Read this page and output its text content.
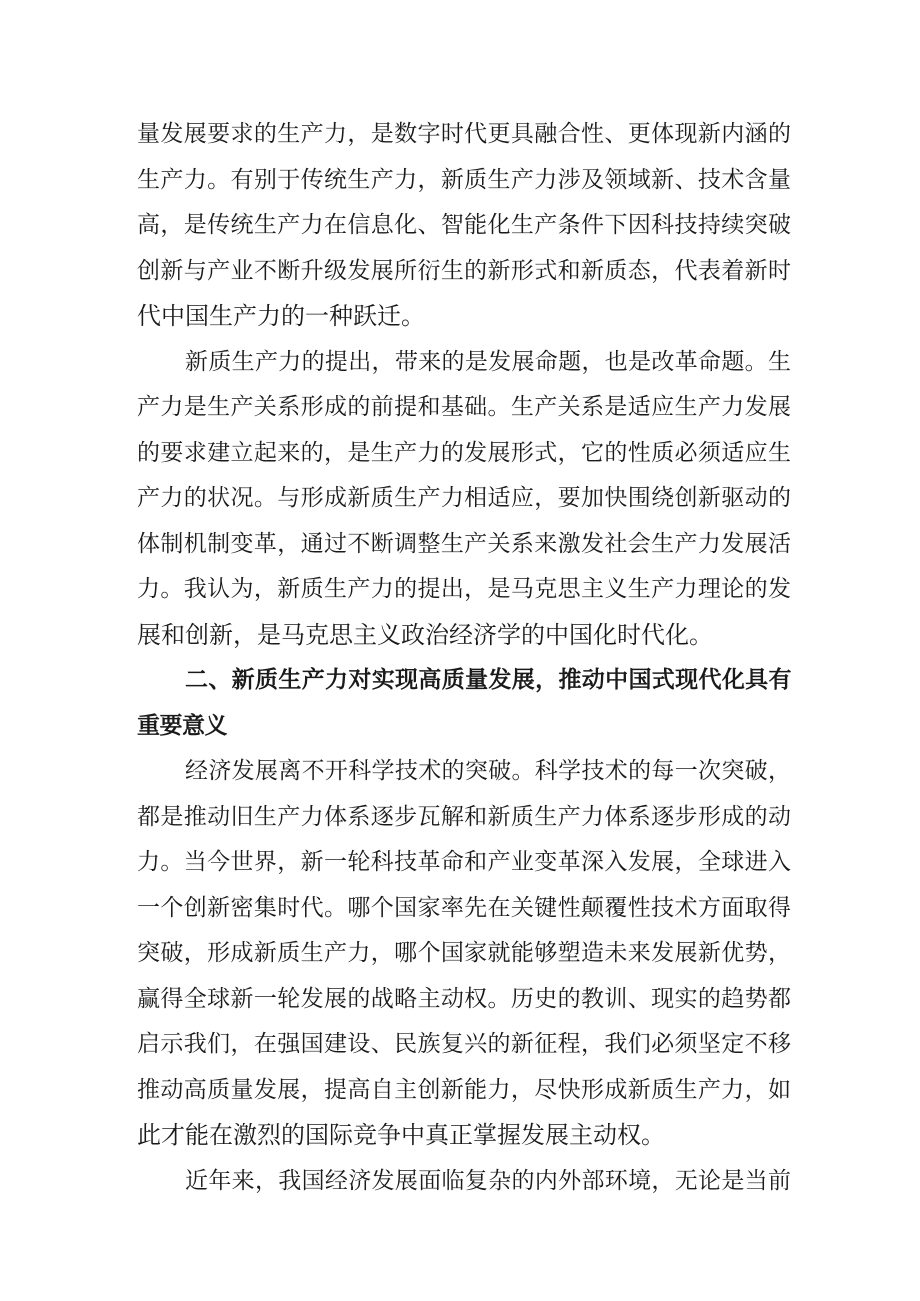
量发展要求的生产力，是数字时代更具融合性、更体现新内涵的
生产力。有别于传统生产力，新质生产力涉及领域新、技术含量
高，是传统生产力在信息化、智能化生产条件下因科技持续突破
创新与产业不断升级发展所衍生的新形式和新质态，代表着新时
代中国生产力的一种跃迁。
新质生产力的提出，带来的是发展命题，也是改革命题。生
产力是生产关系形成的前提和基础。生产关系是适应生产力发展
的要求建立起来的，是生产力的发展形式，它的性质必须适应生
产力的状况。与形成新质生产力相适应，要加快围绕创新驱动的
体制机制变革，通过不断调整生产关系来激发社会生产力发展活
力。我认为，新质生产力的提出，是马克思主义生产力理论的发
展和创新，是马克思主义政治经济学的中国化时代化。
二、新质生产力对实现高质量发展，推动中国式现代化具有
重要意义
经济发展离不开科学技术的突破。科学技术的每一次突破，
都是推动旧生产力体系逐步瓦解和新质生产力体系逐步形成的动
力。当今世界，新一轮科技革命和产业变革深入发展，全球进入
一个创新密集时代。哪个国家率先在关键性颠覆性技术方面取得
突破，形成新质生产力，哪个国家就能够塑造未来发展新优势，
赢得全球新一轮发展的战略主动权。历史的教训、现实的趋势都
启示我们，在强国建设、民族复兴的新征程，我们必须坚定不移
推动高质量发展，提高自主创新能力，尽快形成新质生产力，如
此才能在激烈的国际竞争中真正掌握发展主动权。
近年来，我国经济发展面临复杂的内外部环境，无论是当前
